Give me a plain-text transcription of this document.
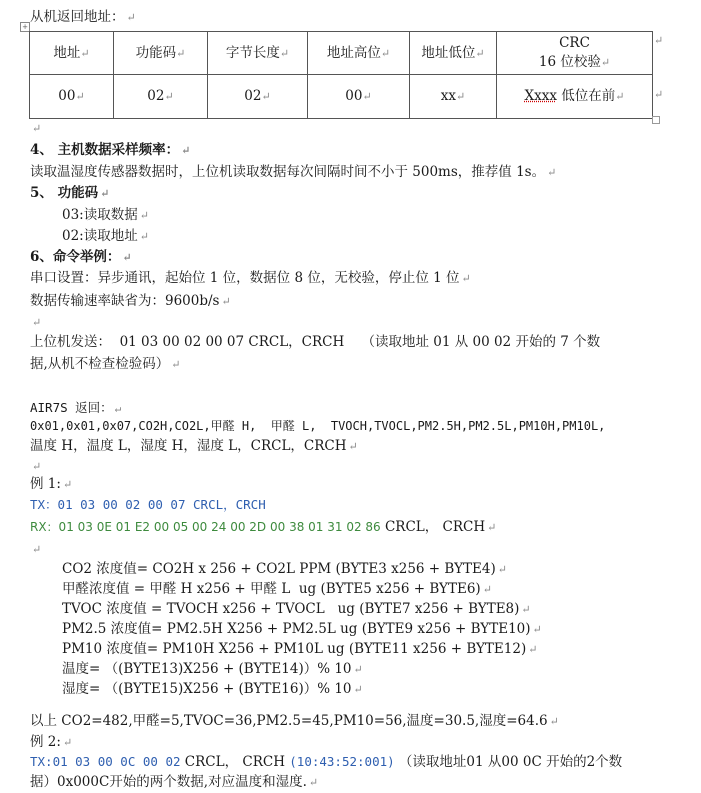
+
从机返回地址： ↵
地址 ↵	功能码 ↵	字节长度 ↵	地址高位 ↵	地址低位 ↵	CRC
16 位校验 ↵
00 ↵	02 ↵	02 ↵	00 ↵	xx ↵	Xxxx 低位在前 ↵
↵
↵
↵
4、 主机数据采样频率： ↵
读取温湿度传感器数据时，上位机读取数据每次间隔时间不小于 500ms，推荐值 1s。 ↵
5、 功能码 ↵
03:读取数据 ↵
02:读取地址 ↵
6、命令举例： ↵
串口设置：异步通讯，起始位 1 位，数据位 8 位，无校验，停止位 1 位 ↵
数据传输速率缺省为：9600b/s ↵
↵
上位机发送：  01 03 00 02 00 07 CRCL，CRCH    （读取地址 01 从 00 02 开始的 7 个数
据,从机不检查检验码） ↵
AIR7S 返回： ↵
0x01,0x01,0x07,CO2H,CO2L,甲醛 H,  甲醛 L,  TVOCH,TVOCL,PM2.5H,PM2.5L,PM10H,PM10L,
温度 H，温度 L，湿度 H，湿度 L，CRCL，CRCH ↵
↵
例 1: ↵
TX：01 03 00 02 00 07 CRCL，CRCH
RX：01 03 0E 01 E2 00 05 00 24 00 2D 00 38 01 31 02 86 CRCL， CRCH ↵
↵
CO2 浓度值= CO2H x 256 + CO2L PPM (BYTE3 x256 + BYTE4) ↵
甲醛浓度值 = 甲醛 H x256 + 甲醛 L  ug (BYTE5 x256 + BYTE6) ↵
TVOC 浓度值 = TVOCH x256 + TVOCL   ug (BYTE7 x256 + BYTE8) ↵
PM2.5 浓度值= PM2.5H X256 + PM2.5L ug (BYTE9 x256 + BYTE10) ↵
PM10 浓度值= PM10H X256 + PM10L ug (BYTE11 x256 + BYTE12) ↵
温度= （(BYTE13)X256 + (BYTE14)）% 10 ↵
湿度= （(BYTE15)X256 + (BYTE16)）% 10 ↵
以上 CO2=482,甲醛=5,TVOC=36,PM2.5=45,PM10=56,温度=30.5,湿度=64.6 ↵
例 2: ↵
TX:01 03 00 0C 00 02 CRCL， CRCH (10:43:52:001) （读取地址01 从00 0C 开始的2个数
据）0x000C开始的两个数据,对应温度和湿度. ↵
